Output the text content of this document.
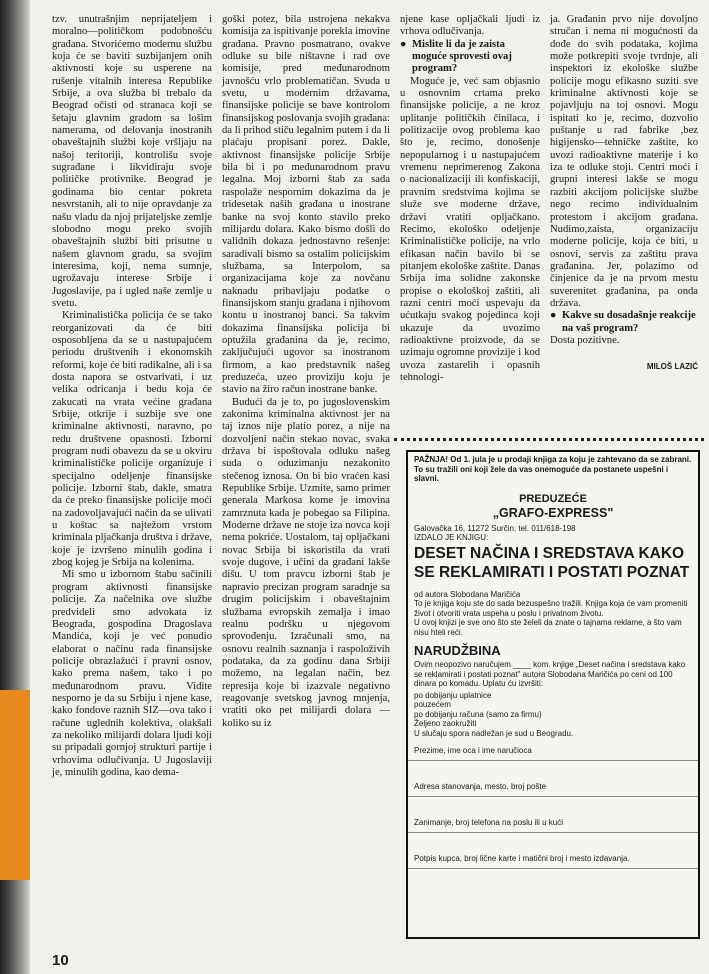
tzv. unutrašnjim neprijateljem i moralno—političkom podobnošću građana. Stvorićemo modernu službu koja će se baviti suzbijanjem onih aktivnosti koje su usperene na rušenje vitalnih interesa Republike Srbije, a ova služba bi trebalo da Beograd očisti od stranaca koji se šetaju glavnim gradom sa lošim namerama, od delovanja inostranih obaveštajnih službi koje vršljaju na našoj teritoriji, kontrolišu svoje sugrađane i likvidiraju svoje političke protivnike. Beograd je godinama bio centar pokreta nesvrstanih, ali to nije opravdanje za našu vladu da njoj prijateljske zemlje slobodno mogu preko svojih obaveštajnih službi biti prisutne u našem glavnom gradu, sa svojim interesima, koji, nema sumnje, ugrožavaju interese Srbije i Jugoslavije, pa i ugled naše zemlje u svetu.

Kriminalistička policija će se tako reorganizovati da će biti osposobljena da se u nastupajućem periodu društvenih i ekonomskih reformi, koje će biti radikalne, ali i sa dosta napora se ostvarivati, i uz velika odricanja i bedu koja će zakucati na vrata većine građana Srbije, otkrije i suzbije sve one kriminalne aktivnosti, naravno, po redu društvene opasnosti. Izborni program nudi obavezu da se u okviru kriminalističke policije organizuje i specijalno odeljenje finansijske policije. Izborni štab, dakle, smatra da će preko finansijske policije moći na zadovoljavajući način da se ulivati u koštac sa najtežom vrstom kriminala pljačkanja društva i države, koje je izvršeno minulih godina i zbog kojeg je Srbija na kolenima.

Mi smo u izbornom štabu sačinili program aktivnosti finansijske policije. Za načelnika ove službe predvideli smo advokata iz Beograda, gospodina Dragoslava Mandića, koji je već ponudio elaborat o načinu rada finansijske policije obrazlažući i pravni osnov, kako prema našem, tako i po međunarodnom pravu. Vidite nesporno je da su Srbiju i njene kase, kako fondove raznih SIZ—ova tako i račune uglednih kolektiva, olakšali za nekoliko milijardi dolara ljudi koji su pripadali gornjoj strukturi partije i vrhovima odlučivanja. U Jugoslaviji je, minulih godina, kao dema-

goški potez, bila ustrojena nekakva komisija za ispitivanje porekla imovine građana. Pravno posmatrano, ovakve odluke su bile ništavne i rad ove komisije, pred međunarodnom javnošću vrlo problematičan. Svuda u svetu, u modernim državama, finansijske policije se bave kontrolom finansijskog poslovanja svojih građana: da li prihod stiču legalnim putem i da li plaćaju propisani porez. Dakle, aktivnost finansijske policije Srbije bila bi i po međunarodnom pravu legalna. Moj izborni štab za sada raspolaže nespornim dokazima da je tridesetak naših građana u inostrane banke na svoj konto stavilo preko milijardu dolara. Kako bismo došli do validnih dokaza jednostavno rešenje: saradivali bismo sa ostalim policijskim službama, sa Interpolom, sa organizacijama koje za novčanu naknadu pribavljaju podatke o finansijskom stanju građana i njihovom kontu u inostranoj banci. Sa takvim dokazima finansijska policija bi optužila građanina da je, recimo, zaključujući ugovor sa inostranom firmom, a kao predstavnik našeg preduzeća, uzeo proviziju koju je stavio na žiro račun inostrane banke.

Budući da je to, po jugoslovenskim zakonima kriminalna aktivnost jer na taj iznos nije platio porez, a nije na dozvoljeni način stekao novac, svaka država bi ispoštovala odluku našeg suda o oduzimanju nezakonito stečenog iznosa. On bi bio vraćen kasi Republike Srbije. Uzmite, samo primer generala Markosa kome je imovina zamrznuta kada je pobegao sa Filipina. Moderne države ne stoje iza novca koji nema pokriće. Uostalom, taj opljačkani novac Srbija bi iskoristila da vrati svoje dugove, i učini da građani lakše dišu. U tom pravcu izborni štab je napravio precizan program saradnje sa drugim policijskim i obaveštajnim službama evropskih zemalja i imao realnu podršku u njegovom sprovođenju. Izračunali smo, na osnovu realnih saznanja i raspoloživih podataka, da za godinu dana Srbiji možemo, na legalan način, bez represija koje bi izazvale negativno reagovanje svetskog javnog mnjenja, vratiti oko pet milijardi dolara — koliko su iz

njene kase opljačkali ljudi iz vrhova odlučivanja.

● Mislite li da je zaista moguće sprovesti ovaj program?

Moguće je, već sam objasnio u osnovnim crtama preko finansijske policije, a ne kroz uplitanje političkih činilaca, i politizacije ovog problema kao što je, recimo, donošenje nepopularnog i u nastupajućem vremenu neprimerenog Zakona o nacionalizaciji ili konfiskaciji, pravnim sredstvima kojima se služe sve moderne države, državi vratiti opljačkano. Recimo, ekološko odeljenje Kriminalističke policije, na vrlo efikasan način bavilo bi se pitanjem ekološke zaštite. Danas Srbija ima solidne zakonske propise o ekološkoj zaštiti, ali razni centri moći uspevaju da ućutkaju svakog pojedinca koji ukazuje da uvozimo radioaktivne proizvode, da se uzimaju ogromne provizije i kod uvoza zastarelih i opasnih tehnologi-

ja. Građanin prvo nije dovoljno stručan i nema ni mogućnosti da dođe do svih podataka, kojima može potkrepiti svoje tvrdnje, ali inspektori iz ekološke službe policije mogu efikasno suziti sve kriminalne aktivnosti koje se pojavljuju na toj osnovi. Mogu ispitati ko je, recimo, dozvolio puštanje u rad fabrike ,bez higijensko—tehničke zaštite, ko uvozi radioaktivne materije i ko iza te odluke stoji. Centri moći i grupni interesi lakše se mogu razbiti akcijom policijske službe nego recimo individualnim protestom i akcijom građana. Nudimo,zaista, organizaciju moderne policije, koja će biti, u osnovi, servis za zaštitu prava građanina. Jer, polazimo od činjenice da je na prvom mestu suverenitet građanina, pa onda država.

● Kakve su dosadašnje reakcije na vaš program?

Dosta pozitivne.

MILOŠ LAZIĆ
PAŽNJA! Od 1. jula je u prodaji knjiga za koju je zahtevano da se zabrani. To su tražili oni koji žele da vas onemoguće da postanete uspešni i slavni.
PREDUZEĆE
„GRAFO-EXPRESS"
Galovačka 16, 11272 Surčin, tel. 011/618-198
IZDALO JE KNJIGU:
DESET NAČINA I SREDSTAVA KAKO SE REKLAMIRATI I POSTATI POZNAT
od autora Slobodana Maričića
To je knjiga koju ste do sada bezuspešno tražili. Knjiga koja će vam promeniti život i otvoriti vrata uspeha u poslu i privatnom životu.
U ovoj knjizi je sve ono što ste želeli da znate o tajnama reklame, a što vam nisu hteli reći.
NARUDŽBINA
Ovim neopozivo naručujem ____ kom. knjige „Deset načina i sredstava kako se reklamirati i postati poznat" autora Slobodana Maričića po ceni od 100 dinara po komadu. Uplatu ću izvršiti:
po dobijanju uplatnice
pouzećem
po dobijanju računa (samo za firmu)
Željeno zaokružiti
U slučaju spora nadležan je sud u Beogradu.
Prezime, ime oca i ime naručioca
Adresa stanovanja, mesto, broj pošte
Zanimanje, broj telefona na poslu ili u kući
Potpis kupca, broj lične karte i matični broj i mesto izdavanja.
10
